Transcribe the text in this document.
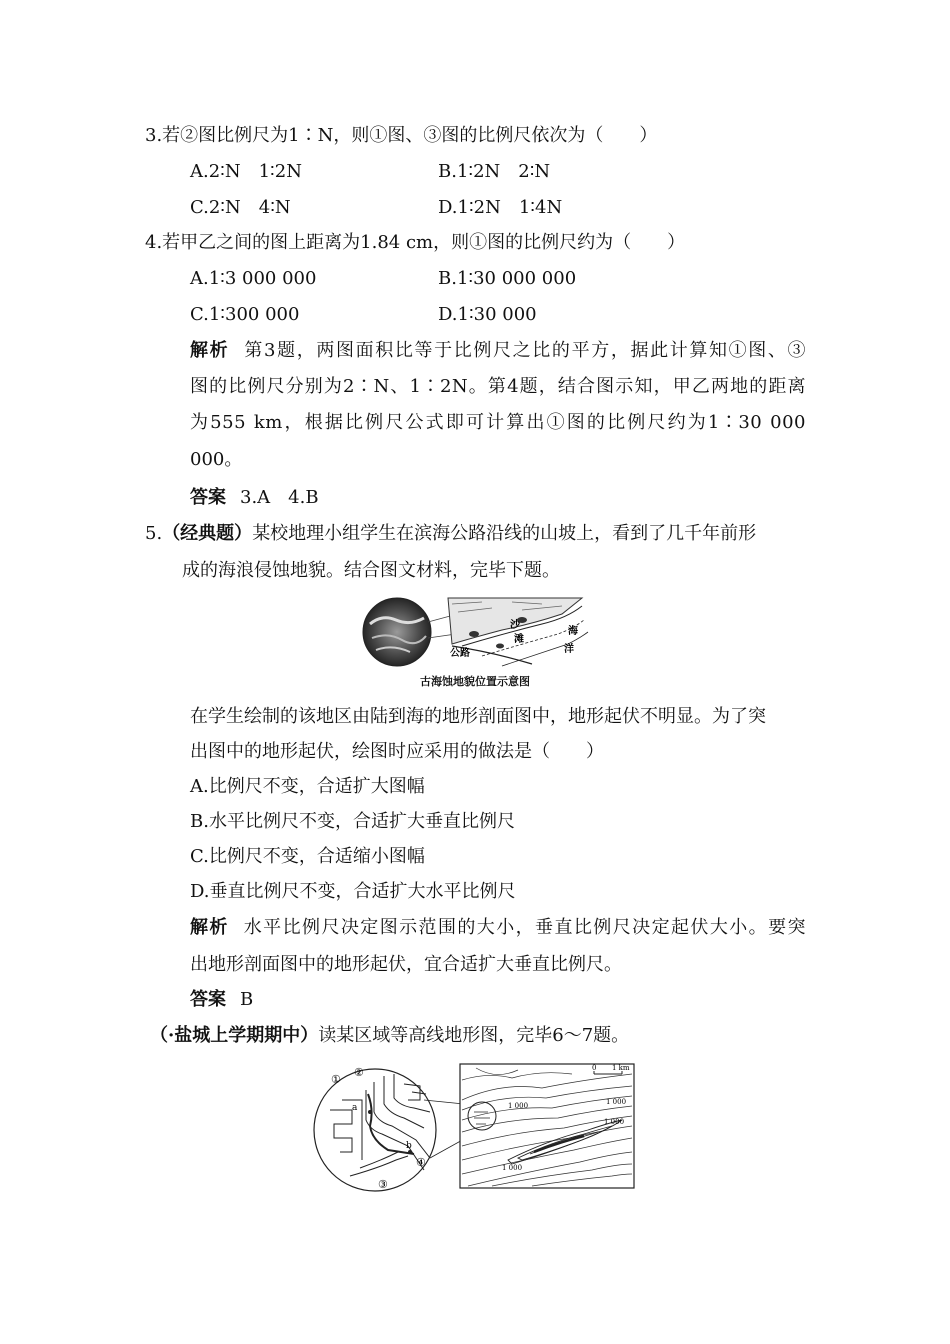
3.若②图比例尺为1∶N，则①图、③图的比例尺依次为（　　）
A.2∶N　1∶2N	B.1∶2N　2∶N
C.2∶N　4∶N	D.1∶2N　1∶4N
4.若甲乙之间的图上距离为1.84 cm，则①图的比例尺约为（　　）
A.1∶3 000 000	B.1∶30 000 000
C.1∶300 000	D.1∶30 000
解析 第3题，两图面积比等于比例尺之比的平方，据此计算知①图、③
图的比例尺分别为2∶N、1∶2N。第4题，结合图示知，甲乙两地的距离
为555 km，根据比例尺公式即可计算出①图的比例尺约为1∶30 000
000。
答案 3.A　4.B
5.（经典题）某校地理小组学生在滨海公路沿线的山坡上，看到了几千年前形
成的海浪侵蚀地貌。结合图文材料，完毕下题。
公路
沙
滩
海
洋
古海蚀地貌位置示意图
在学生绘制的该地区由陆到海的地形剖面图中，地形起伏不明显。为了突
出图中的地形起伏，绘图时应采用的做法是（　　）
A.比例尺不变，合适扩大图幅
B.水平比例尺不变，合适扩大垂直比例尺
C.比例尺不变，合适缩小图幅
D.垂直比例尺不变，合适扩大水平比例尺
解析 水平比例尺决定图示范围的大小，垂直比例尺决定起伏大小。要突
出地形剖面图中的地形起伏，宜合适扩大垂直比例尺。
答案 B
（·盐城上学期期中）读某区域等高线地形图，完毕6～7题。
①
②
③
④
a
b
0 1 km
1 000	1 000
1 000
1 000
